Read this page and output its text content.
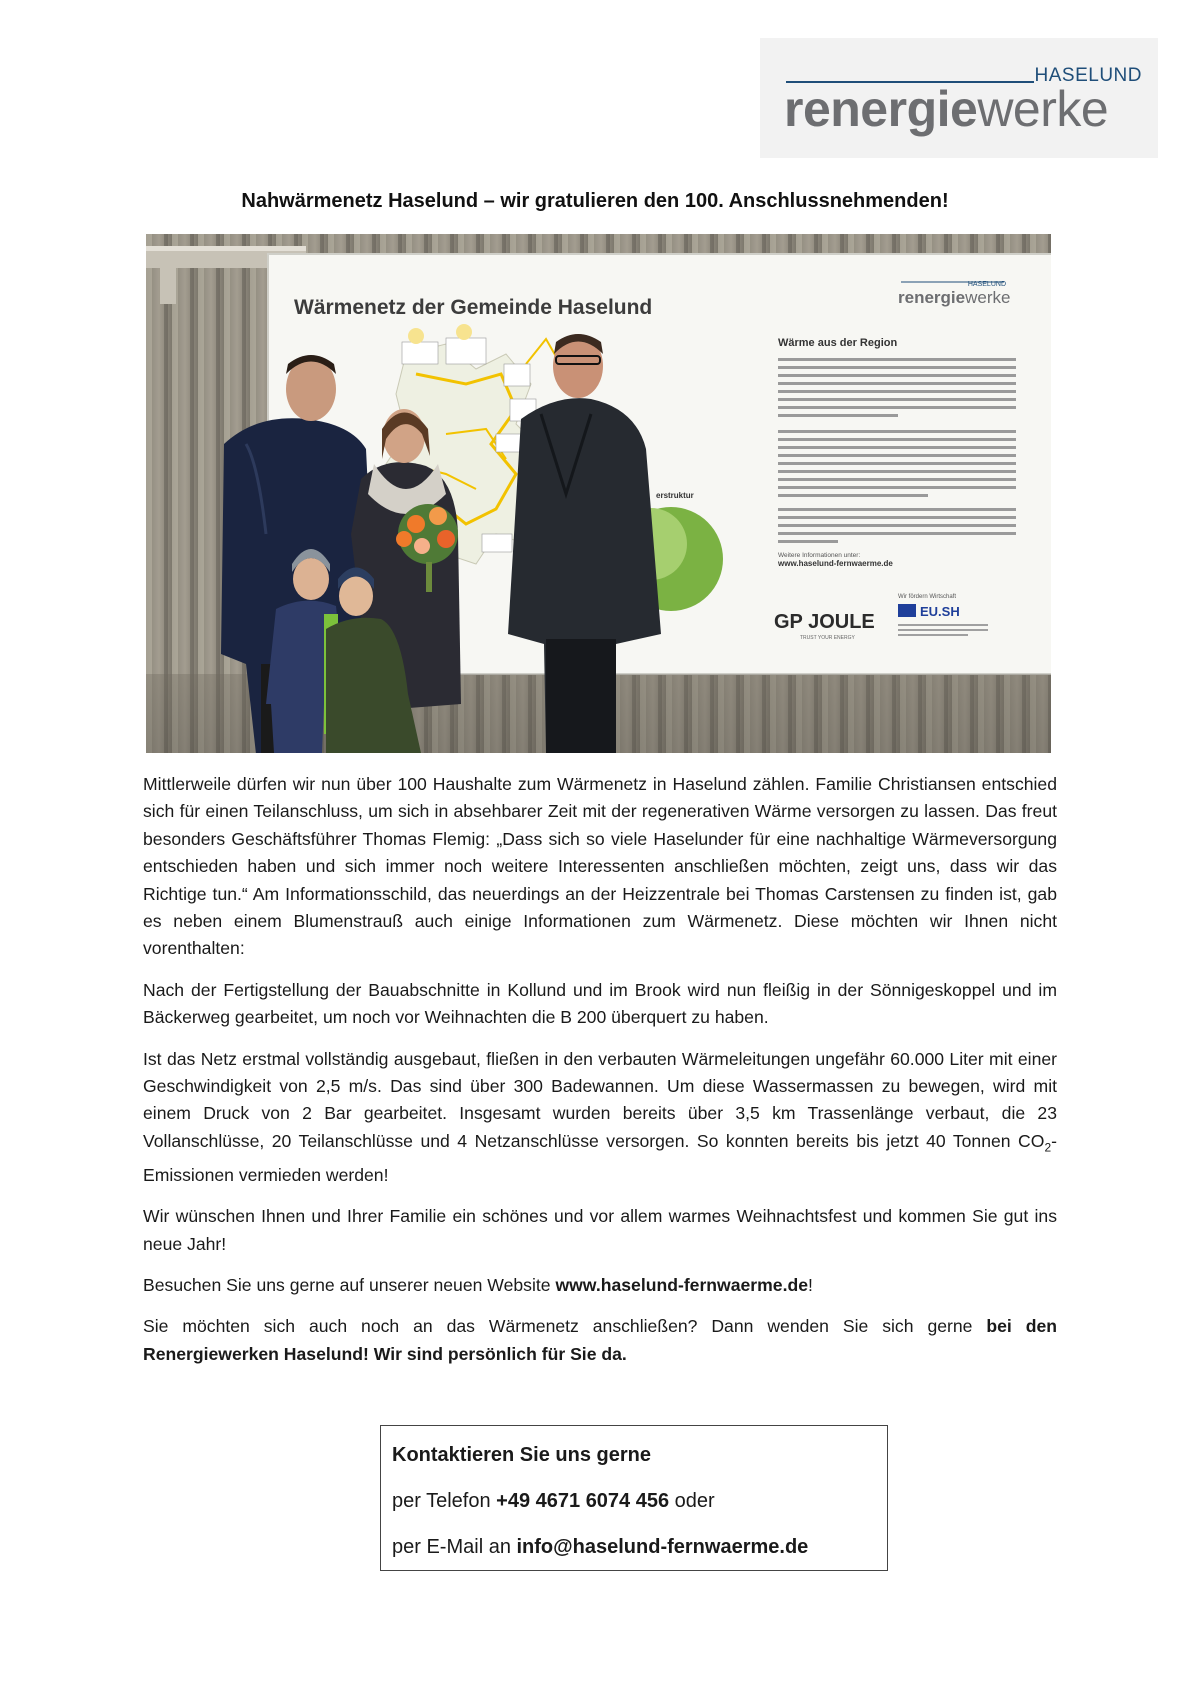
HASELUND
renergiewerke
Nahwärmenetz Haselund – wir gratulieren den 100. Anschlussnehmenden!
Wärmenetz der Gemeinde Haselund
HASELUND
renergiewerke
erstruktur
Wärme aus der Region
Weitere Informationen unter:
www.haselund-fernwaerme.de
GP JOULE
TRUST YOUR ENERGY
Wir fördern Wirtschaft
EU.SH

Mittlerweile dürfen wir nun über 100 Haushalte zum Wärmenetz in Haselund zählen. Familie Christiansen entschied sich für einen Teilanschluss, um sich in absehbarer Zeit mit der regenerativen Wärme versorgen zu lassen. Das freut besonders Geschäftsführer Thomas Flemig: „Dass sich so viele Haselunder für eine nachhaltige Wärmeversorgung entschieden haben und sich immer noch weitere Interessenten anschließen möchten, zeigt uns, dass wir das Richtige tun.“ Am Informationsschild, das neuerdings an der Heizzentrale bei Thomas Carstensen zu finden ist, gab es neben einem Blumenstrauß auch einige Informationen zum Wärmenetz. Diese möchten wir Ihnen nicht vorenthalten:

Nach der Fertigstellung der Bauabschnitte in Kollund und im Brook wird nun fleißig in der Sönnigeskoppel und im Bäckerweg gearbeitet, um noch vor Weihnachten die B 200 überquert zu haben.

Ist das Netz erstmal vollständig ausgebaut, fließen in den verbauten Wärmeleitungen ungefähr 60.000 Liter mit einer Geschwindigkeit von 2,5 m/s. Das sind über 300 Badewannen. Um diese Wassermassen zu bewegen, wird mit einem Druck von 2 Bar gearbeitet. Insgesamt wurden bereits über 3,5 km Trassenlänge verbaut, die 23 Vollanschlüsse, 20 Teilanschlüsse und 4 Netzanschlüsse versorgen. So konnten bereits bis jetzt 40 Tonnen $CO_2$-Emissionen vermieden werden!

Wir wünschen Ihnen und Ihrer Familie ein schönes und vor allem warmes Weihnachtsfest und kommen Sie gut ins neue Jahr!

Besuchen Sie uns gerne auf unserer neuen Website www.haselund-fernwaerme.de!

Sie möchten sich auch noch an das Wärmenetz anschließen? Dann wenden Sie sich gerne bei den Renergiewerken Haselund! Wir sind persönlich für Sie da.

Kontaktieren Sie uns gerne
per Telefon +49 4671 6074 456 oder
per E-Mail an info@haselund-fernwaerme.de
